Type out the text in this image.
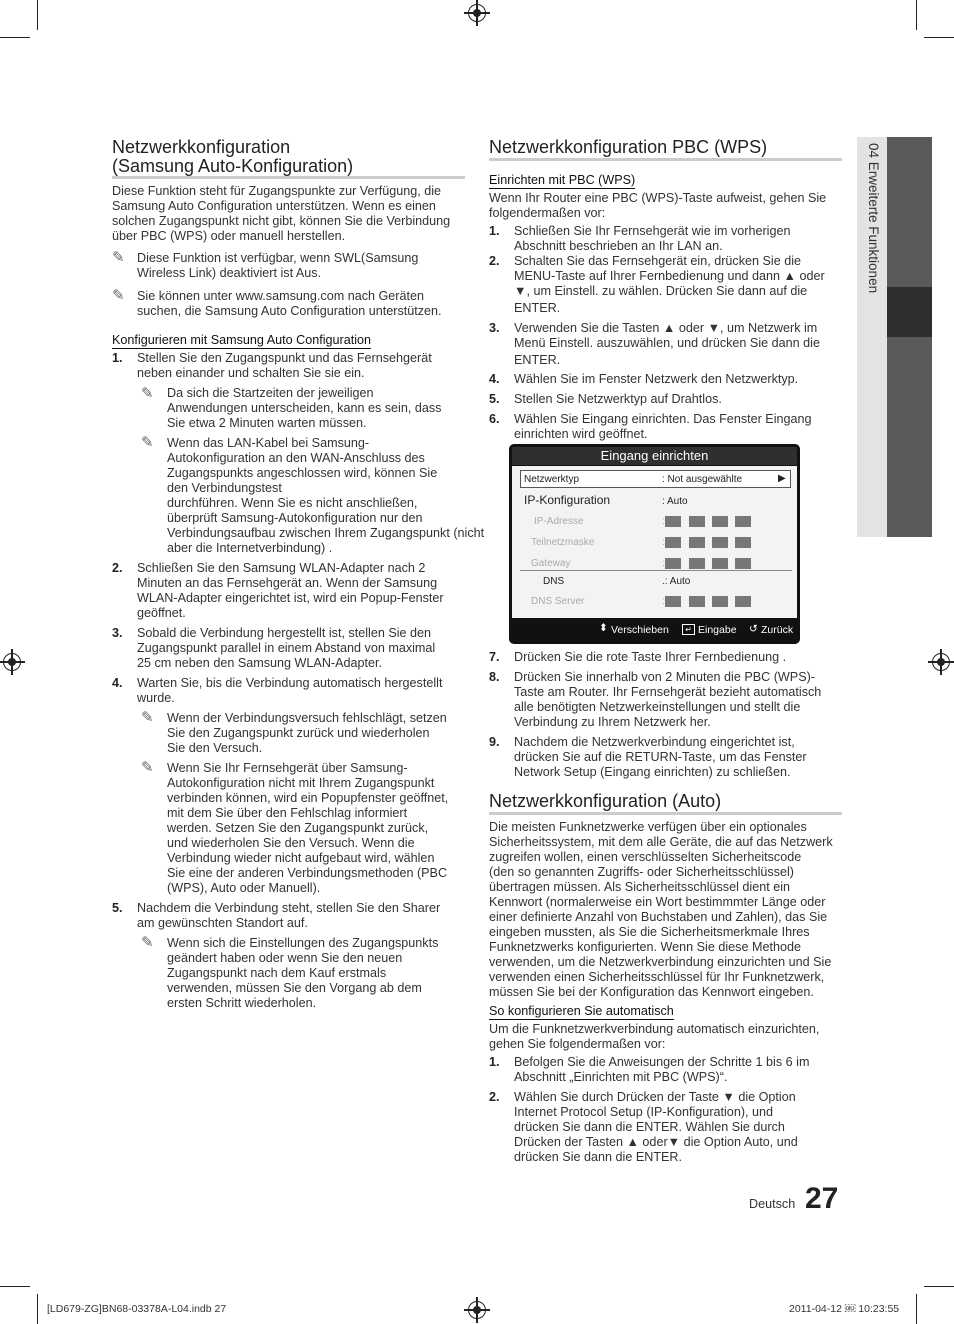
04 Erweiterte Funktionen
Netzwerkkonfiguration
(Samsung Auto-Konfiguration)
Diese Funktion steht für Zugangspunkte zur Verfügung, die
Samsung Auto Configuration unterstützen. Wenn es einen
solchen Zugangspunkt nicht gibt, können Sie die Verbindung
über PBC (WPS) oder manuell herstellen.
✎ Diese Funktion ist verfügbar, wenn SWL(Samsung
Wireless Link) deaktiviert ist Aus.
✎ Sie können unter www.samsung.com nach Geräten
suchen, die Samsung Auto Configuration unterstützen.
Konfigurieren mit Samsung Auto Configuration
1. Stellen Sie den Zugangspunkt und das Fernsehgerät
neben einander und schalten Sie sie ein.
✎ Da sich die Startzeiten der jeweiligen
Anwendungen unterscheiden, kann es sein, dass
Sie etwa 2 Minuten warten müssen.
✎ Wenn das LAN-Kabel bei Samsung-
Autokonfiguration an den WAN-Anschluss des
Zugangspunkts angeschlossen wird, können Sie
den Verbindungstest
durchführen. Wenn Sie es nicht anschließen,
überprüft Samsung-Autokonfiguration nur den
Verbindungsaufbau zwischen Ihrem Zugangspunkt (nicht
aber die Internetverbindung) .
2. Schließen Sie den Samsung WLAN-Adapter nach 2
Minuten an das Fernsehgerät an. Wenn der Samsung
WLAN-Adapter eingerichtet ist, wird ein Popup-Fenster
geöffnet.
3. Sobald die Verbindung hergestellt ist, stellen Sie den
Zugangspunkt parallel in einem Abstand von maximal
25 cm neben den Samsung WLAN-Adapter.
4. Warten Sie, bis die Verbindung automatisch hergestellt
wurde.
✎ Wenn der Verbindungsversuch fehlschlägt, setzen
Sie den Zugangspunkt zurück und wiederholen
Sie den Versuch.
✎ Wenn Sie Ihr Fernsehgerät über Samsung-
Autokonfiguration nicht mit Ihrem Zugangspunkt
verbinden können, wird ein Popupfenster geöffnet,
mit dem Sie über den Fehlschlag informiert
werden. Setzen Sie den Zugangspunkt zurück,
und wiederholen Sie den Versuch. Wenn die
Verbindung wieder nicht aufgebaut wird, wählen
Sie eine der anderen Verbindungsmethoden (PBC
(WPS), Auto oder Manuell).
5. Nachdem die Verbindung steht, stellen Sie den Sharer
am gewünschten Standort auf.
✎ Wenn sich die Einstellungen des Zugangspunkts
geändert haben oder wenn Sie den neuen
Zugangspunkt nach dem Kauf erstmals
verwenden, müssen Sie den Vorgang ab dem
ersten Schritt wiederholen.
Netzwerkkonfiguration PBC (WPS)
Einrichten mit PBC (WPS)
Wenn Ihr Router eine PBC (WPS)-Taste aufweist, gehen Sie
folgendermaßen vor:
1. Schließen Sie Ihr Fernsehgerät wie im vorherigen
Abschnitt beschrieben an Ihr LAN an.
2. Schalten Sie das Fernsehgerät ein, drücken Sie die
MENU-Taste auf Ihrer Fernbedienung und dann ▲ oder
▼, um Einstell. zu wählen. Drücken Sie dann auf die
ENTER.
3. Verwenden Sie die Tasten ▲ oder ▼, um Netzwerk im
Menü Einstell. auszuwählen, und drücken Sie dann die
ENTER.
4. Wählen Sie im Fenster Netzwerk den Netzwerktyp.
5. Stellen Sie Netzwerktyp auf Drahtlos.
6. Wählen Sie Eingang einrichten. Das Fenster Eingang
einrichten wird geöffnet.
Eingang einrichten
Netzwerktyp	: Not ausgewählte	▶
IP-Konfiguration	: Auto
IP-Adresse	:
Teilnetzmaske	:
Gateway	:
DNS	.: Auto
DNS Server	:
⬍ Verschieben	↵ Eingabe ↺ Zurück
7. Drücken Sie die rote Taste Ihrer Fernbedienung .
8. Drücken Sie innerhalb von 2 Minuten die PBC (WPS)-
Taste am Router. Ihr Fernsehgerät bezieht automatisch
alle benötigten Netzwerkeinstellungen und stellt die
Verbindung zu Ihrem Netzwerk her.
9. Nachdem die Netzwerkverbindung eingerichtet ist,
drücken Sie auf die RETURN-Taste, um das Fenster
Network Setup (Eingang einrichten) zu schließen.
Netzwerkkonfiguration (Auto)
Die meisten Funknetzwerke verfügen über ein optionales
Sicherheitssystem, mit dem alle Geräte, die auf das Netzwerk
zugreifen wollen, einen verschlüsselten Sicherheitscode
(den so genannten Zugriffs- oder Sicherheitsschlüssel)
übertragen müssen. Als Sicherheitsschlüssel dient ein
Kennwort (normalerweise ein Wort bestimmmter Länge oder
einer definierte Anzahl von Buchstaben und Zahlen), das Sie
eingeben mussten, als Sie die Sicherheitsmerkmale Ihres
Funknetzwerks konfigurierten. Wenn Sie diese Methode
verwenden, um die Netzwerkverbindung einzurichten und Sie
verwenden einen Sicherheitsschlüssel für Ihr Funknetzwerk,
müssen Sie bei der Konfiguration das Kennwort eingeben.
So konfigurieren Sie automatisch
Um die Funknetzwerkverbindung automatisch einzurichten,
gehen Sie folgendermaßen vor:
1. Befolgen Sie die Anweisungen der Schritte 1 bis 6 im
Abschnitt „Einrichten mit PBC (WPS)“.
2. Wählen Sie durch Drücken der Taste ▼ die Option
Internet Protocol Setup (IP-Konfiguration), und
drücken Sie dann die ENTER. Wählen Sie durch
Drücken der Tasten ▲ oder▼ die Option Auto, und
drücken Sie dann die ENTER.
Deutsch 27
[LD679-ZG]BN68-03378A-L04.indb 27	2011-04-12 ￼ 10:23:55
